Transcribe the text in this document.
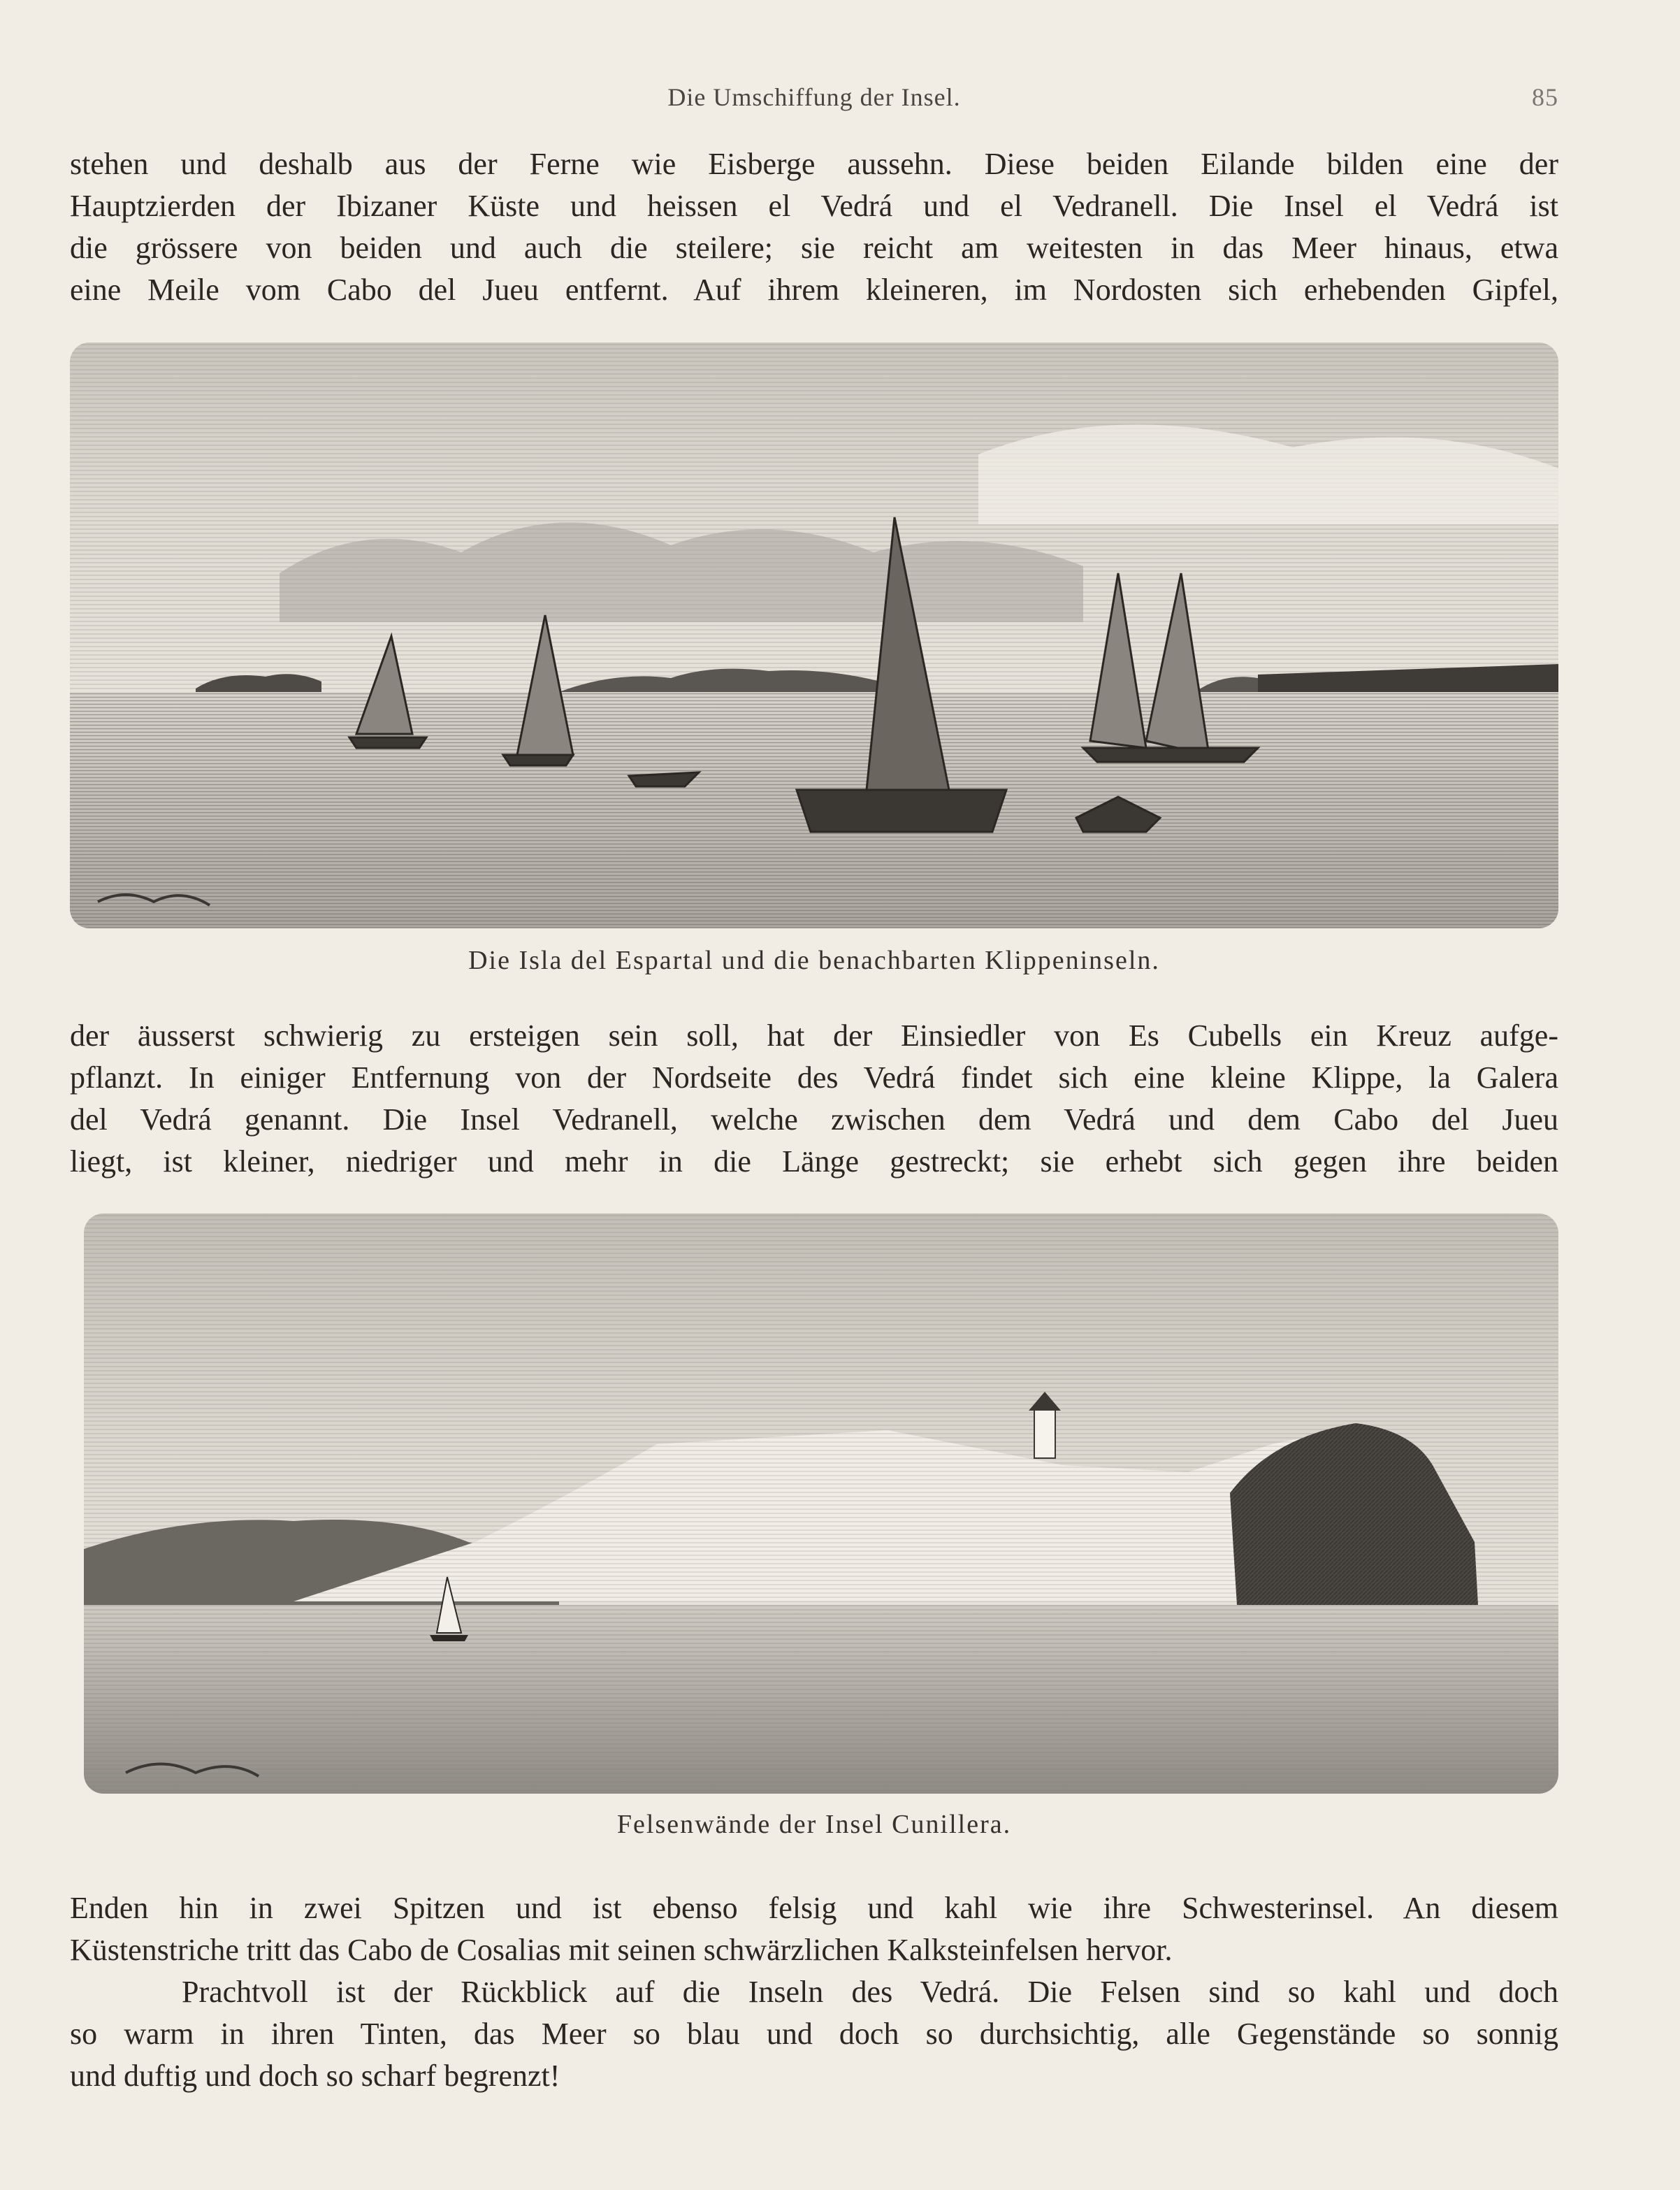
Die Umschiffung der Insel.	85
stehen und deshalb aus der Ferne wie Eisberge aussehn. Diese beiden Eilande bilden eine der
Hauptzierden der Ibizaner Küste und heissen el Vedrá und el Vedranell. Die Insel el Vedrá ist
die grössere von beiden und auch die steilere; sie reicht am weitesten in das Meer hinaus, etwa
eine Meile vom Cabo del Jueu entfernt. Auf ihrem kleineren, im Nordosten sich erhebenden Gipfel,
Die Isla del Espartal und die benachbarten Klippeninseln.
der äusserst schwierig zu ersteigen sein soll, hat der Einsiedler von Es Cubells ein Kreuz aufge-
pflanzt. In einiger Entfernung von der Nordseite des Vedrá findet sich eine kleine Klippe, la Galera
del Vedrá genannt. Die Insel Vedranell, welche zwischen dem Vedrá und dem Cabo del Jueu
liegt, ist kleiner, niedriger und mehr in die Länge gestreckt; sie erhebt sich gegen ihre beiden
Felsenwände der Insel Cunillera.
Enden hin in zwei Spitzen und ist ebenso felsig und kahl wie ihre Schwesterinsel. An diesem
Küstenstriche tritt das Cabo de Cosalias mit seinen schwärzlichen Kalksteinfelsen hervor.
Prachtvoll ist der Rückblick auf die Inseln des Vedrá. Die Felsen sind so kahl und doch
so warm in ihren Tinten, das Meer so blau und doch so durchsichtig, alle Gegenstände so sonnig
und duftig und doch so scharf begrenzt!
